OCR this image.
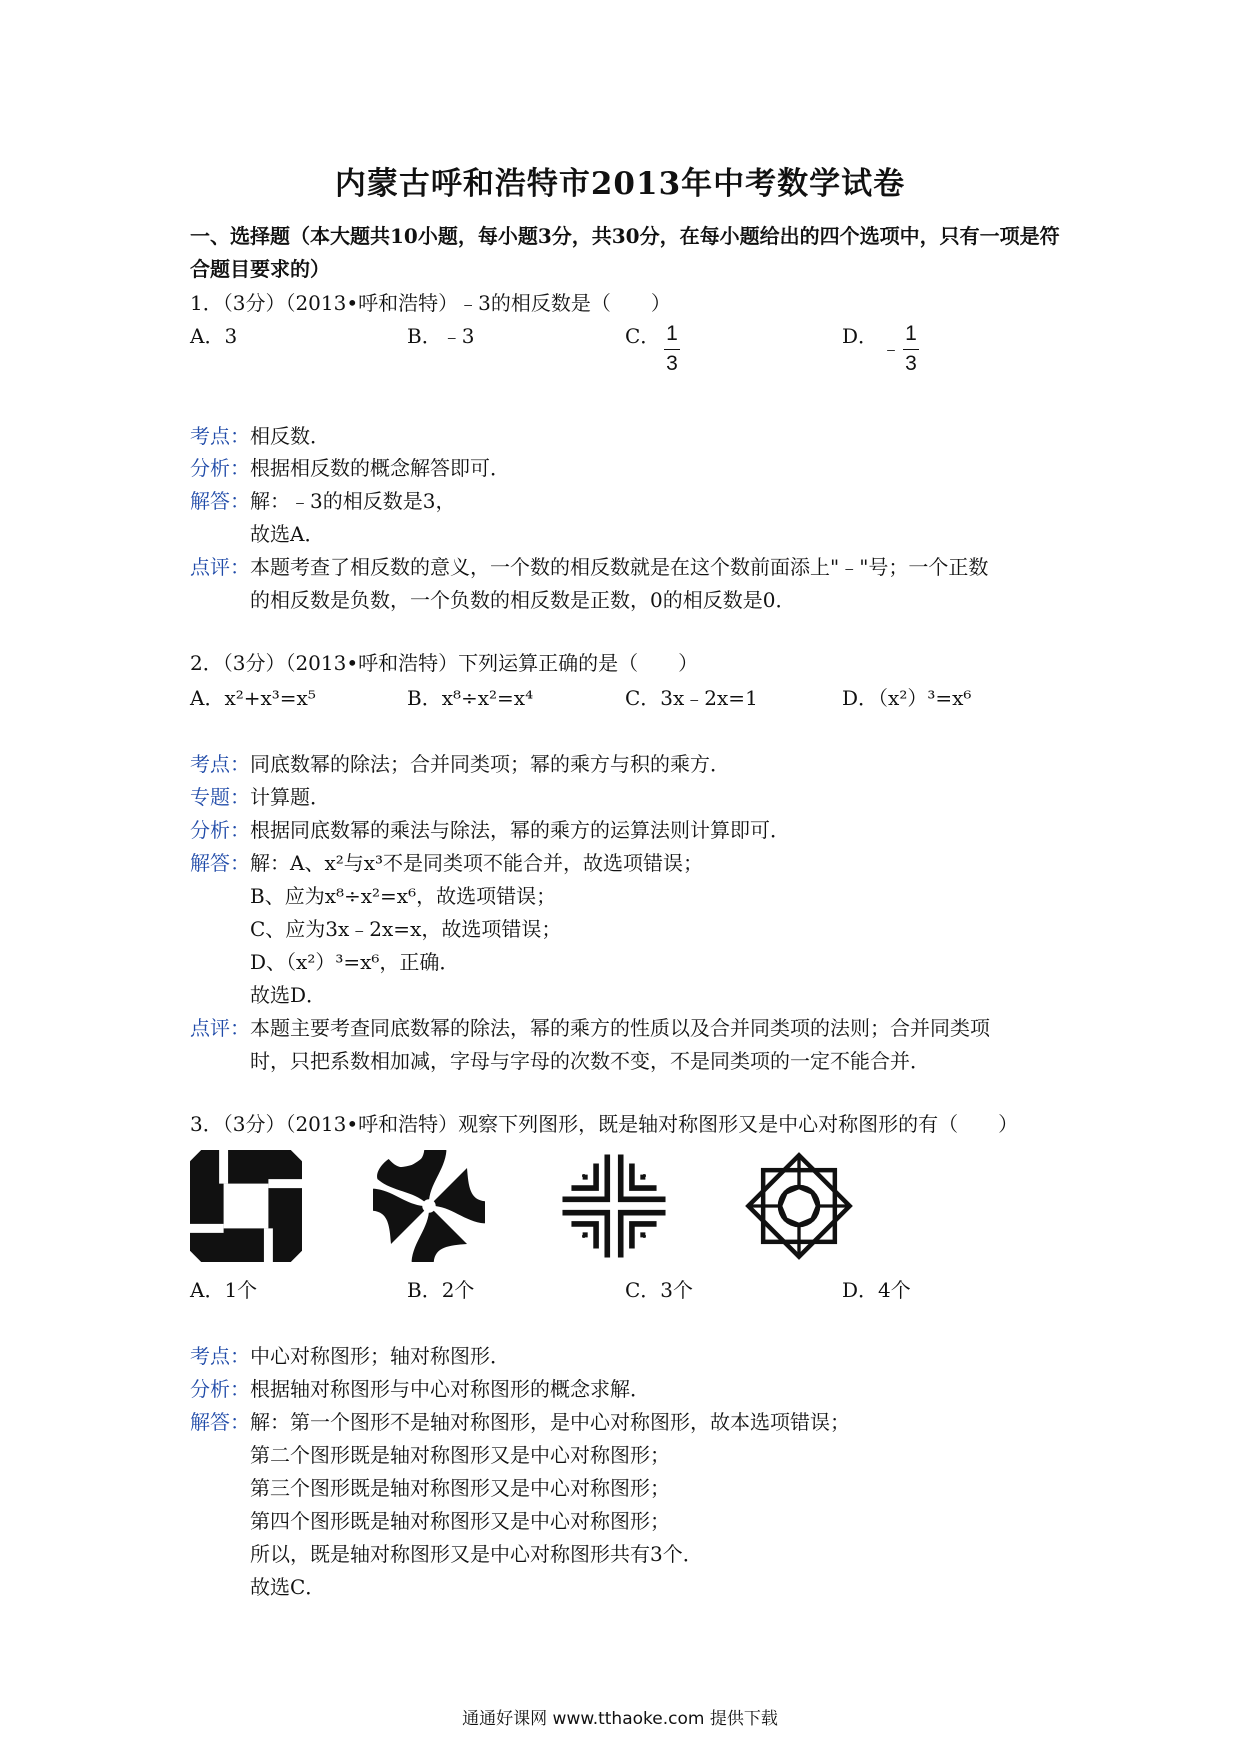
内蒙古呼和浩特市2013年中考数学试卷
一、选择题（本大题共10小题，每小题3分，共30分，在每小题给出的四个选项中，只有一项是符合题目要求的）
1．（3分）（2013•呼和浩特）﹣3的相反数是（　　）
A．3	B．﹣3	C． 1
3
D． ﹣
1
3
考点：相反数．
分析：根据相反数的概念解答即可．
解答：解：﹣3的相反数是3，
故选A．
点评：本题考查了相反数的意义，一个数的相反数就是在这个数前面添上"﹣"号；一个正数
的相反数是负数，一个负数的相反数是正数，0的相反数是0．
2．（3分）（2013•呼和浩特）下列运算正确的是（　　）
A．x²+x³=x⁵	B．x⁸÷x²=x⁴	C．3x﹣2x=1	D．（x²）³=x⁶
考点：同底数幂的除法；合并同类项；幂的乘方与积的乘方．
专题：计算题．
分析：根据同底数幂的乘法与除法，幂的乘方的运算法则计算即可．
解答：解：A、x²与x³不是同类项不能合并，故选项错误；
B、应为x⁸÷x²=x⁶，故选项错误；
C、应为3x﹣2x=x，故选项错误；
D、（x²）³=x⁶，正确．
故选D．
点评：本题主要考查同底数幂的除法，幂的乘方的性质以及合并同类项的法则；合并同类项
时，只把系数相加减，字母与字母的次数不变，不是同类项的一定不能合并．
3．（3分）（2013•呼和浩特）观察下列图形，既是轴对称图形又是中心对称图形的有（　　）
A．1个	B．2个	C．3个	D．4个
考点：中心对称图形；轴对称图形．
分析：根据轴对称图形与中心对称图形的概念求解．
解答：解：第一个图形不是轴对称图形，是中心对称图形，故本选项错误；
第二个图形既是轴对称图形又是中心对称图形；
第三个图形既是轴对称图形又是中心对称图形；
第四个图形既是轴对称图形又是中心对称图形；
所以，既是轴对称图形又是中心对称图形共有3个．
故选C．
通通好课网 www.tthaoke.com 提供下载
